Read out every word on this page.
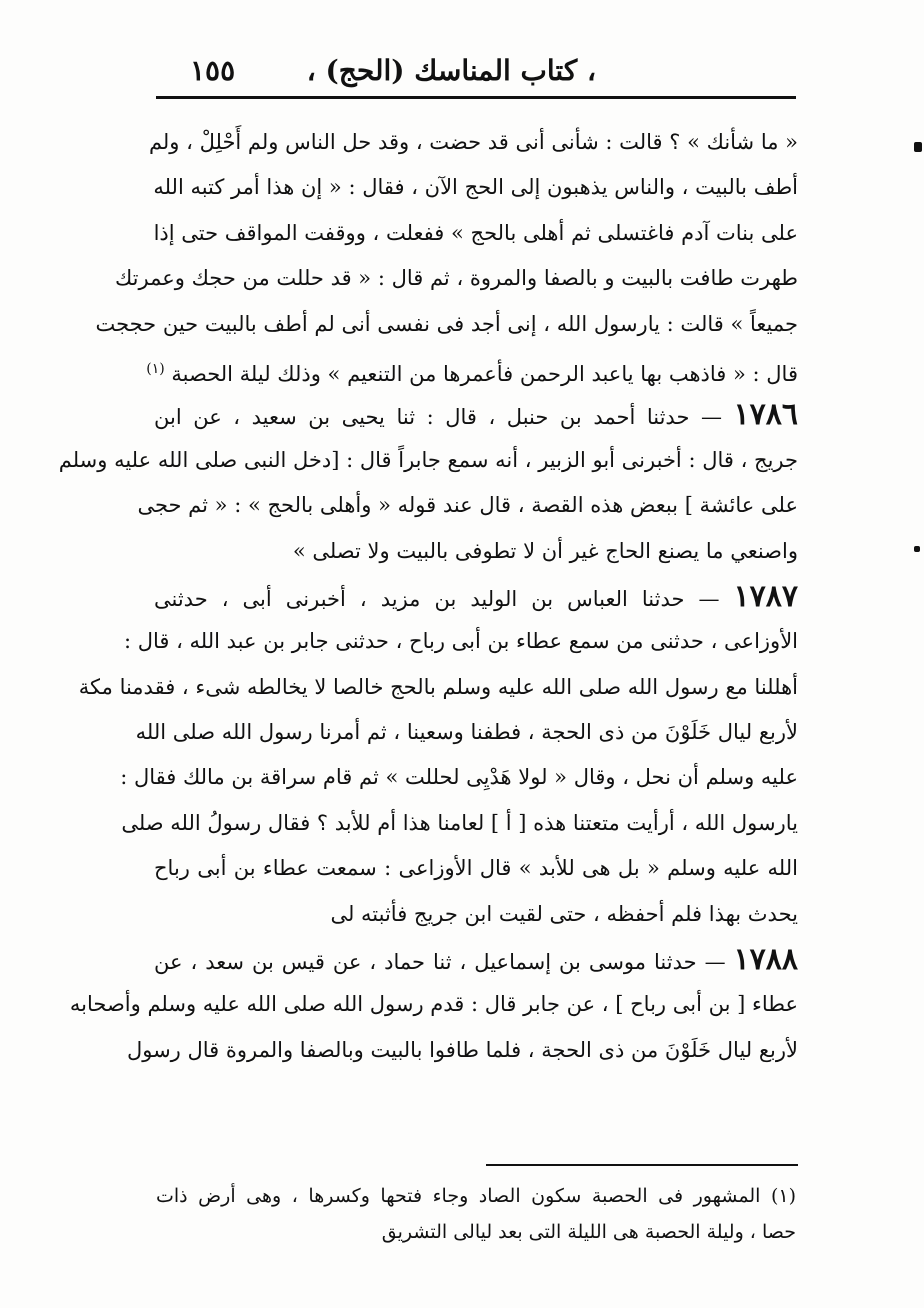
، كتاب المناسك (الحج) ،
١٥٥
« ما شأنك » ؟ قالت : شأنى أنى قد حضت ، وقد حل الناس ولم أَحْلِلْ ، ولم
أطف بالبيت ، والناس يذهبون إلى الحج الآن ، فقال : « إن هذا أمر كتبه الله
على بنات آدم فاغتسلى ثم أهلى بالحج » ففعلت ، ووقفت المواقف حتى إذا
طهرت طافت بالبيت و بالصفا والمروة ، ثم قال : « قد حللت من حجك وعمرتك
جميعاً » قالت : يارسول الله ، إنى أجد فى نفسى أنى لم أطف بالبيت حين حججت
قال : « فاذهب بها ياعبد الرحمن فأعمرها من التنعيم » وذلك ليلة الحصبة $^{(١)}$
١٧٨٦ — حدثنا أحمد بن حنبل ، قال : ثنا يحيى بن سعيد ، عن ابن
جريج ، قال : أخبرنى أبو الزبير ، أنه سمع جابراً قال : [دخل النبى صلى الله عليه وسلم
على عائشة ] ببعض هذه القصة ، قال عند قوله « وأهلى بالحج » : « ثم حجى
واصنعي ما يصنع الحاج غير أن لا تطوفى بالبيت ولا تصلى »
١٧٨٧ — حدثنا العباس بن الوليد بن مزيد ، أخبرنى أبى ، حدثنى
الأوزاعى ، حدثنى من سمع عطاء بن أبى رباح ، حدثنى جابر بن عبد الله ، قال :
أهللنا مع رسول الله صلى الله عليه وسلم بالحج خالصا لا يخالطه شىء ، فقدمنا مكة
لأربع ليال خَلَوْنَ من ذى الحجة ، فطفنا وسعينا ، ثم أمرنا رسول الله صلى الله
عليه وسلم أن نحل ، وقال « لولا هَدْيِى لحللت » ثم قام سراقة بن مالك فقال :
يارسول الله ، أرأيت متعتنا هذه [ أ ] لعامنا هذا أم للأبد ؟ فقال رسولُ الله صلى
الله عليه وسلم « بل هى للأبد » قال الأوزاعى : سمعت عطاء بن أبى رباح
يحدث بهذا فلم أحفظه ، حتى لقيت ابن جريج فأثبته لى
١٧٨٨ — حدثنا موسى بن إسماعيل ، ثنا حماد ، عن قيس بن سعد ، عن
عطاء [ بن أبى رباح ] ، عن جابر قال : قدم رسول الله صلى الله عليه وسلم وأصحابه
لأربع ليال خَلَوْنَ من ذى الحجة ، فلما طافوا بالبيت وبالصفا والمروة قال رسول
(١) المشهور فى الحصبة سكون الصاد وجاء فتحها وكسرها ، وهى أرض ذات
حصا ، وليلة الحصبة هى الليلة التى بعد ليالى التشريق
